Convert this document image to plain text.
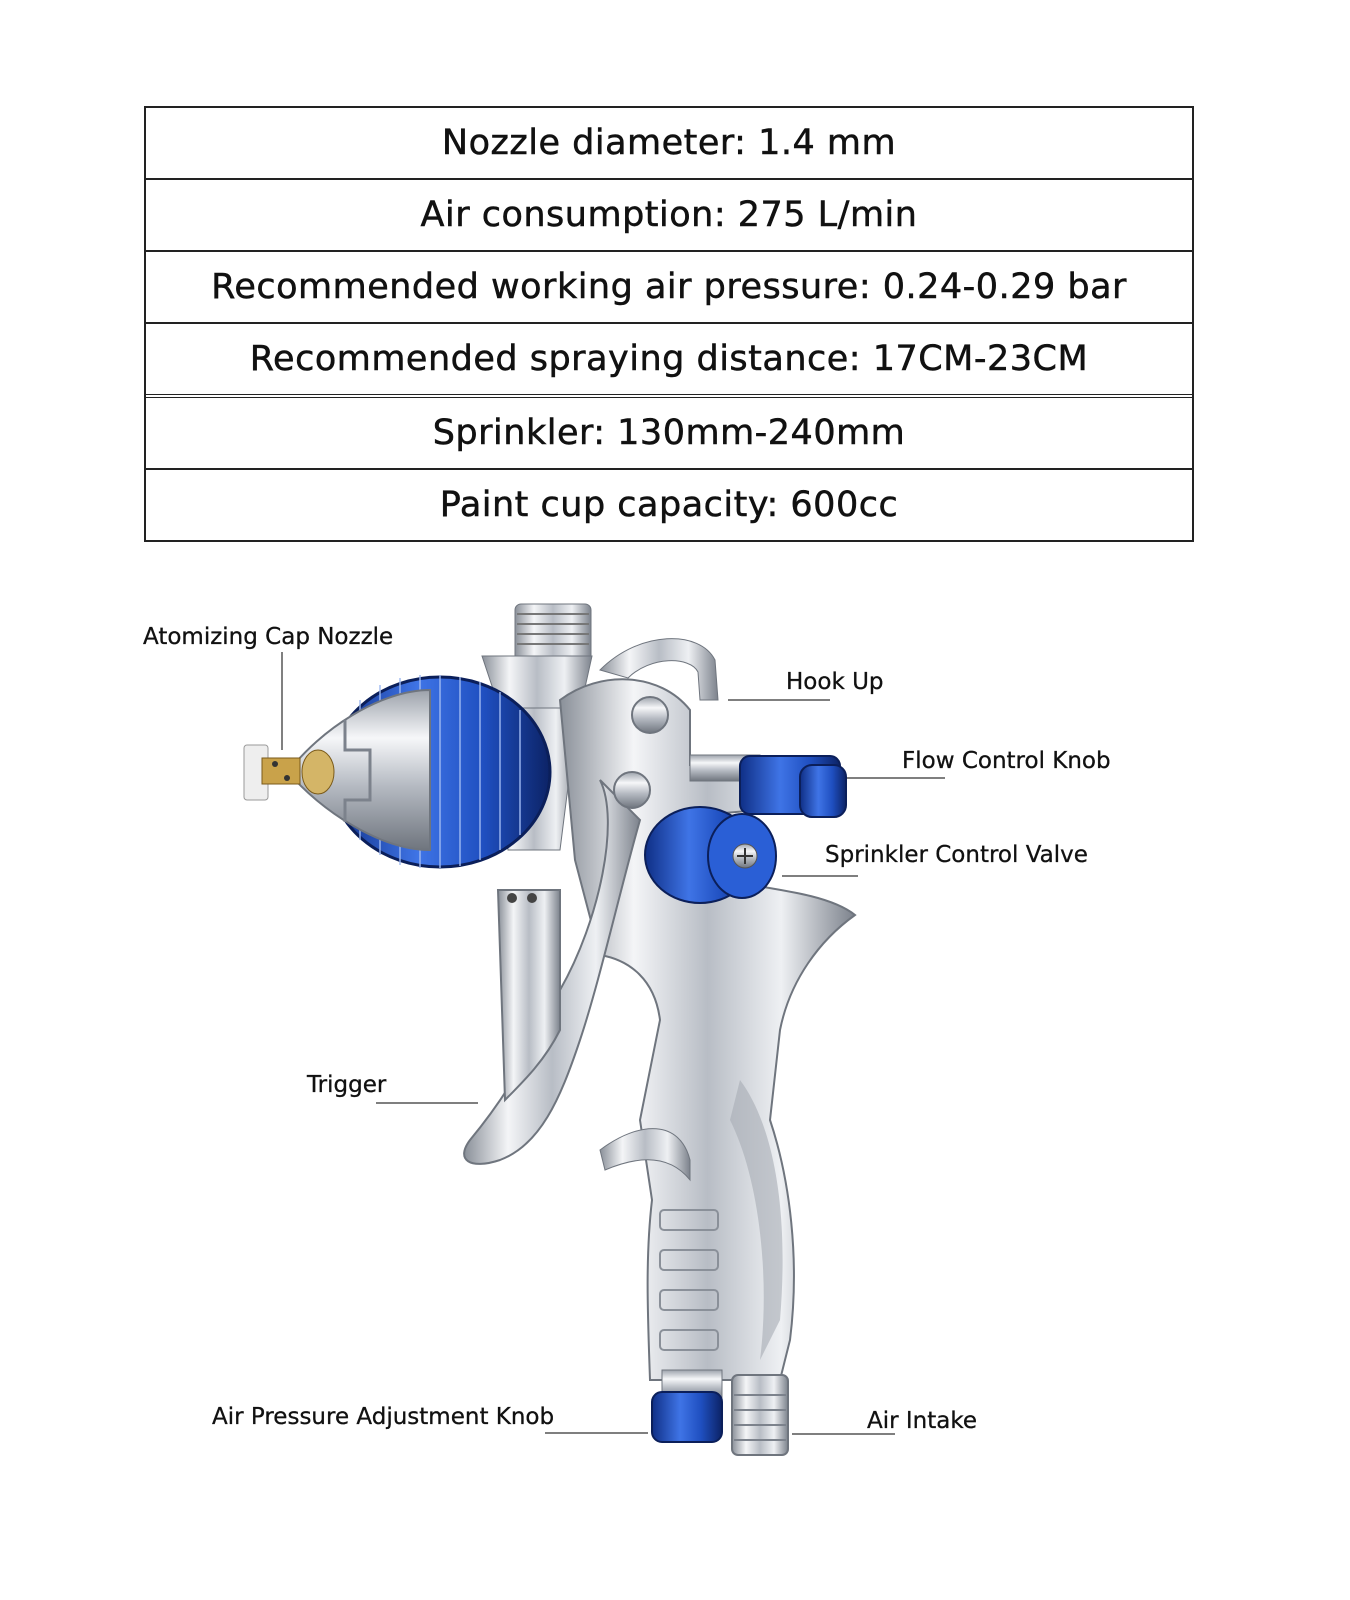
Nozzle diameter: 1.4 mm
Air consumption: 275 L/min
Recommended working air pressure: 0.24-0.29 bar
Recommended spraying distance: 17CM-23CM
Sprinkler: 130mm-240mm
Paint cup capacity: 600cc
Atomizing Cap Nozzle
Hook Up
Flow Control Knob
Sprinkler Control Valve
Trigger
Air Pressure Adjustment Knob	Air Intake
